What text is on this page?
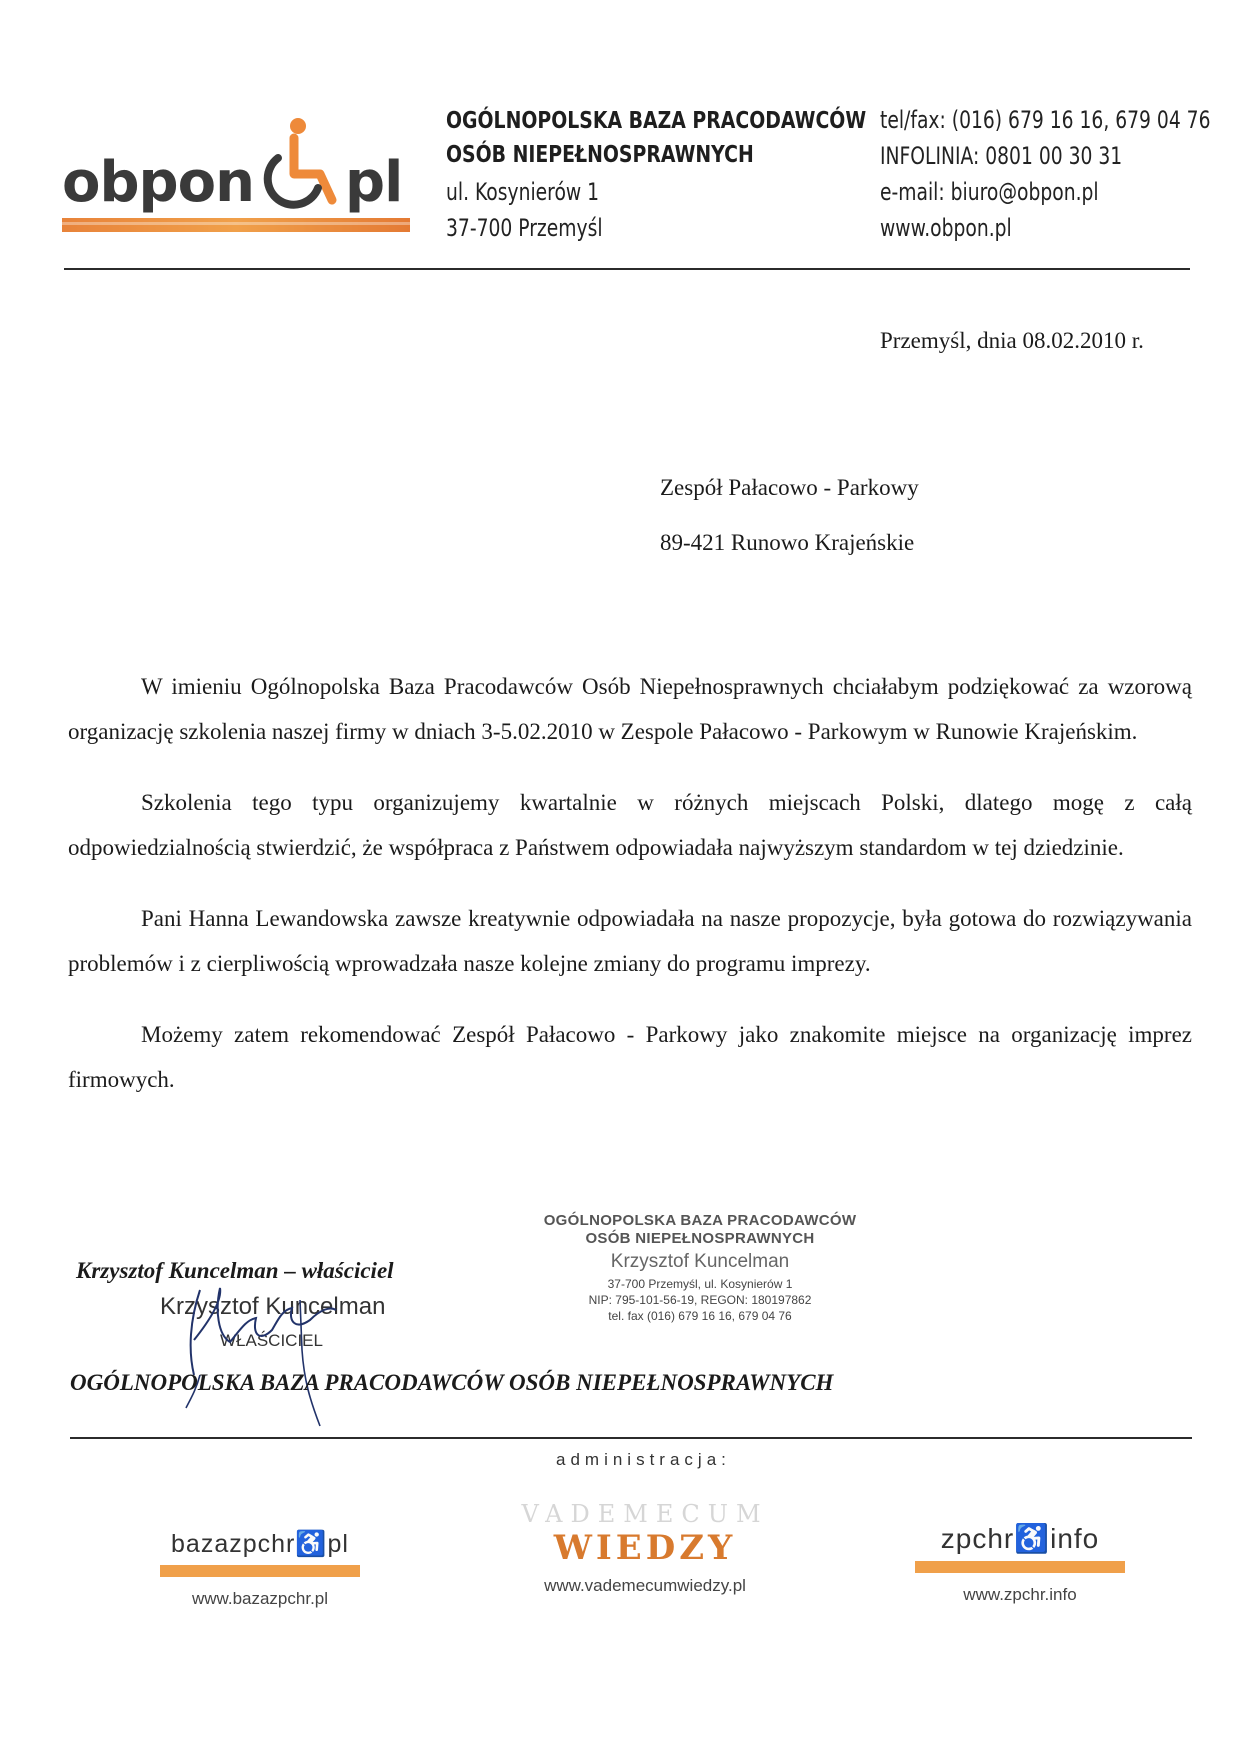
obpon pl
OGÓLNOPOLSKA BAZA PRACODAWCÓW
OSÓB NIEPEŁNOSPRAWNYCH
ul. Kosynierów 1
37-700 Przemyśl
tel/fax: (016) 679 16 16, 679 04 76
INFOLINIA: 0801 00 30 31
e-mail: biuro@obpon.pl
www.obpon.pl
Przemyśl, dnia 08.02.2010 r.
Zespół Pałacowo - Parkowy
89-421 Runowo Krajeńskie

W imieniu Ogólnopolska Baza Pracodawców Osób Niepełnosprawnych chciałabym podziękować za wzorową organizację szkolenia naszej firmy w dniach 3-5.02.2010 w Zespole Pałacowo - Parkowym w Runowie Krajeńskim.

Szkolenia tego typu organizujemy kwartalnie w różnych miejscach Polski, dlatego mogę z całą odpowiedzialnością stwierdzić, że współpraca z Państwem odpowiadała najwyższym standardom w tej dziedzinie.

Pani Hanna Lewandowska zawsze kreatywnie odpowiadała na nasze propozycje, była gotowa do rozwiązywania problemów i z cierpliwością wprowadzała nasze kolejne zmiany do programu imprezy.

Możemy zatem rekomendować Zespół Pałacowo - Parkowy jako znakomite miejsce na organizację imprez firmowych.

Krzysztof Kuncelman – właściciel
Krzysztof Kuncelman
WŁAŚCICIEL
OGÓLNOPOLSKA BAZA PRACODAWCÓW OSÓB NIEPEŁNOSPRAWNYCH
OGÓLNOPOLSKA BAZA PRACODAWCÓW
OSÓB NIEPEŁNOSPRAWNYCH
Krzysztof Kuncelman
37-700 Przemyśl, ul. Kosynierów 1
NIP: 795-101-56-19, REGON: 180197862
tel. fax (016) 679 16 16, 679 04 76
administracja:
bazazpchr♿pl
www.bazazpchr.pl
VADEMECUM
WIEDZY
www.vademecumwiedzy.pl
zpchr♿info
www.zpchr.info
